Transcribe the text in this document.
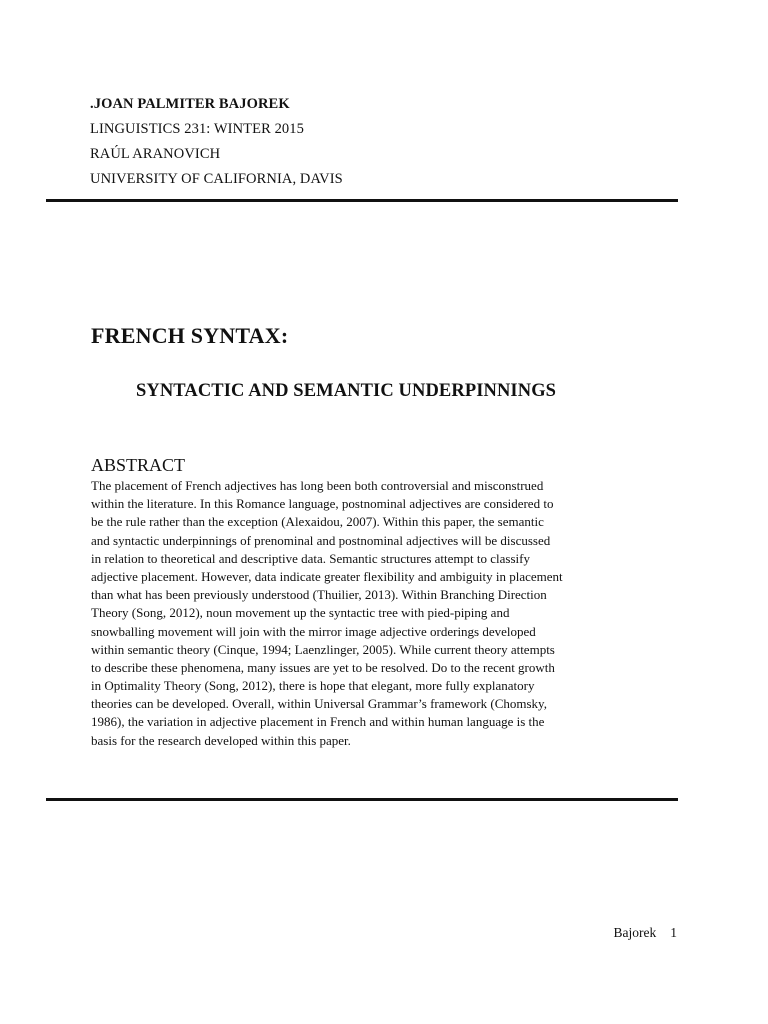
.JOAN PALMITER BAJOREK
LINGUISTICS 231: WINTER 2015
RAÚL ARANOVICH
UNIVERSITY OF CALIFORNIA, DAVIS
FRENCH SYNTAX:
SYNTACTIC AND SEMANTIC UNDERPINNINGS
ABSTRACT
The placement of French adjectives has long been both controversial and misconstrued
within the literature. In this Romance language, postnominal adjectives are considered to
be the rule rather than the exception (Alexaidou, 2007). Within this paper, the semantic
and syntactic underpinnings of prenominal and postnominal adjectives will be discussed
in relation to theoretical and descriptive data. Semantic structures attempt to classify
adjective placement. However, data indicate greater flexibility and ambiguity in placement
than what has been previously understood (Thuilier, 2013). Within Branching Direction
Theory (Song, 2012), noun movement up the syntactic tree with pied-piping and
snowballing movement will join with the mirror image adjective orderings developed
within semantic theory (Cinque, 1994; Laenzlinger, 2005). While current theory attempts
to describe these phenomena, many issues are yet to be resolved. Do to the recent growth
in Optimality Theory (Song, 2012), there is hope that elegant, more fully explanatory
theories can be developed. Overall, within Universal Grammar’s framework (Chomsky,
1986), the variation in adjective placement in French and within human language is the
basis for the research developed within this paper.
Bajorek 1
